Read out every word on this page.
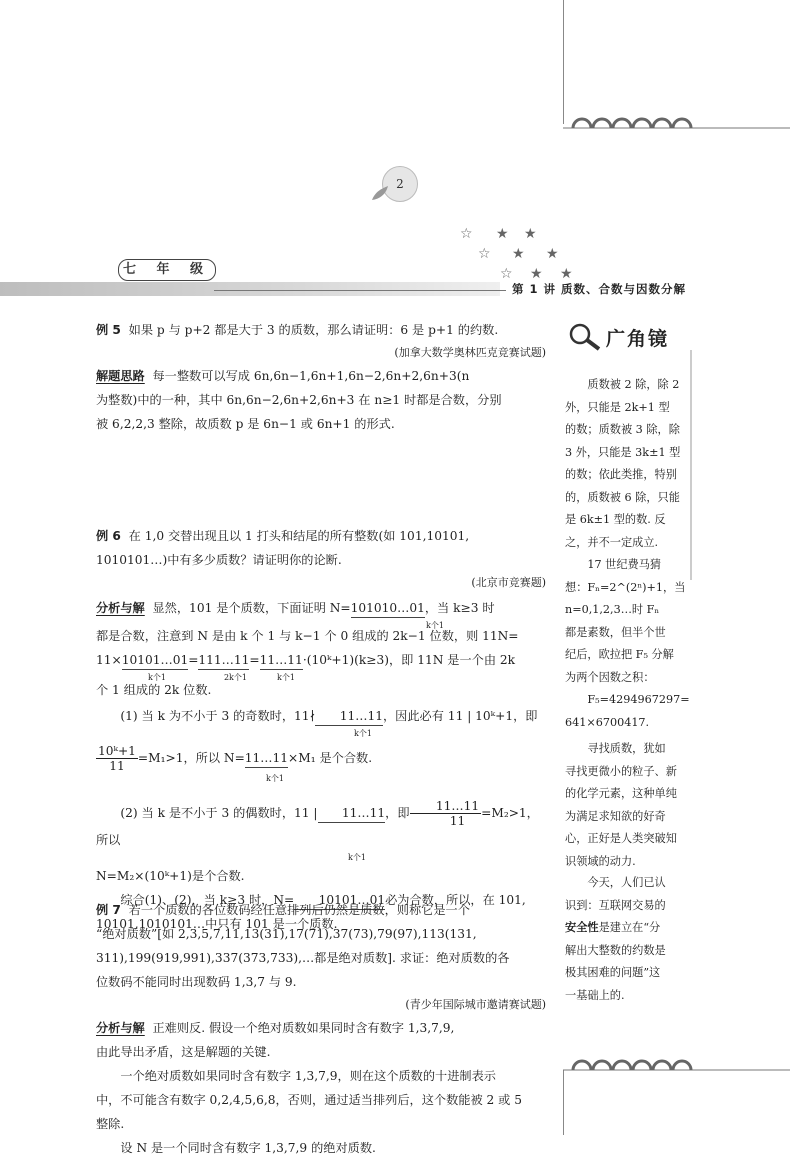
2
☆ ★ ★
☆ ★ ★
☆ ★ ★
七 年 级
第 1 讲 质数、合数与因数分解

例 5 如果 p 与 p+2 都是大于 3 的质数，那么请证明：6 是 p+1 的约数.

(加拿大数学奥林匹克竞赛试题)

解题思路 每一整数可以写成 6n,6n−1,6n+1,6n−2,6n+2,6n+3(n

为整数)中的一种，其中 6n,6n−2,6n+2,6n+3 在 n≥1 时都是合数，分别

被 6,2,2,3 整除，故质数 p 是 6n−1 或 6n+1 的形式.

例 6 在 1,0 交替出现且以 1 打头和结尾的所有整数(如 101,10101,

1010101…)中有多少质数？请证明你的论断.

(北京市竞赛题)

分析与解 显然，101 是个质数，下面证明 N=101010…01，当 k≥3 时

k个1

都是合数，注意到 N 是由 k 个 1 与 k−1 个 0 组成的 2k−1 位数，则 11N=

11×10101…01=111…11=11…11·(10ᵏ+1)(k≥3)，即 11N 是一个由 2k

k个1	2k个1	k个1

个 1 组成的 2k 位数.

(1) 当 k 为不小于 3 的奇数时，11∤ 11…11，因此必有 11 | 10ᵏ+1，即

k个1

$\frac{\text{10ᵏ+1}}{11} =M_1>1$，所以 N=11…11×M₁ 是个合数.

k个1

(2) 当 k 是不小于 3 的偶数时，11 | 11…11，即 $\frac{11\dots 11}{11} =M_2>1$，所以

k个1

N=M₂×(10ᵏ+1)是个合数.

综合(1)、(2)，当 k≥3 时，N= 10101…01必为合数，所以，在 101,

10101,1010101…中只有 101 是一个质数.

例 7 若一个质数的各位数码经任意排列后仍然是质数，则称它是一个

“绝对质数”[如 2,3,5,7,11,13(31),17(71),37(73),79(97),113(131,

311),199(919,991),337(373,733),…都是绝对质数]. 求证：绝对质数的各

位数码不能同时出现数码 1,3,7 与 9.

(青少年国际城市邀请赛试题)

分析与解 正难则反. 假设一个绝对质数如果同时含有数字 1,3,7,9,

由此导出矛盾，这是解题的关键.

一个绝对质数如果同时含有数字 1,3,7,9，则在这个质数的十进制表示

中，不可能含有数字 0,2,4,5,6,8，否则，通过适当排列后，这个数能被 2 或 5

整除.

设 N 是一个同时含有数字 1,3,7,9 的绝对质数.

广角镜

质数被 2 除，除 2

外，只能是 2k+1 型

的数；质数被 3 除，除

3 外，只能是 3k±1 型

的数；依此类推，特别

的，质数被 6 除，只能

是 6k±1 型的数. 反

之，并不一定成立.

17 世纪费马猜

想：Fₙ=2^(2ⁿ)+1，当

n=0,1,2,3…时 Fₙ

都是素数，但半个世

纪后，欧拉把 F₅ 分解

为两个因数之积：

F₅=4294967297=

641×6700417.

寻找质数，犹如

寻找更微小的粒子、新

的化学元素，这种单纯

为满足求知欲的好奇

心，正好是人类突破知

识领域的动力.

今天，人们已认

识到：互联网交易的

安全性是建立在“分

解出大整数的约数是

极其困难的问题”这

一基础上的.
